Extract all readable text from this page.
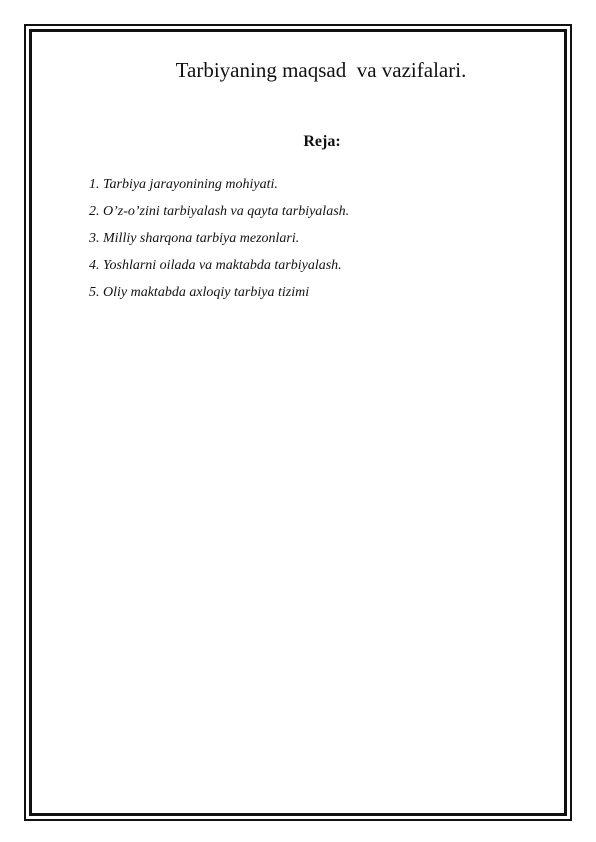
Tarbiyaning maqsad  va vazifalari.
Reja:
1. Tarbiya jarayonining mohiyati.
2. O’z-o’zini tarbiyalash va qayta tarbiyalash.
3. Milliy sharqona tarbiya mezonlari.
4. Yoshlarni oilada va maktabda tarbiyalash.
5. Oliy maktabda axloqiy tarbiya tizimi
